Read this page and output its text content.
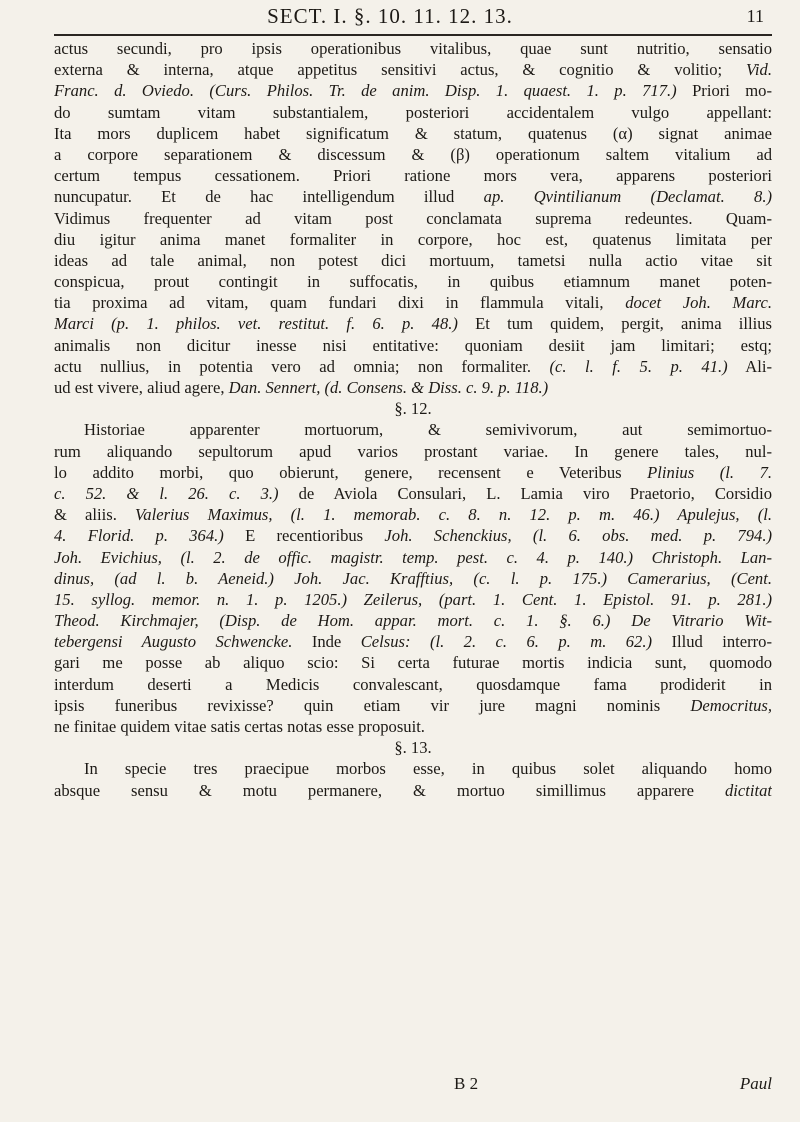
SECT. I. §. 10. 11. 12. 13.	11
actus secundi, pro ipsis operationibus vitalibus, quae sunt nutritio, sensatio
externa & interna, atque appetitus sensitivi actus, & cognitio & volitio; Vid.
Franc. d. Oviedo. (Curs. Philos. Tr. de anim. Disp. 1. quaest. 1. p. 717.) Priori mo-
do sumtam vitam substantialem, posteriori accidentalem vulgo appellant:
Ita mors duplicem habet significatum & statum, quatenus (α) signat animae
a corpore separationem & discessum & (β) operationum saltem vitalium ad
certum tempus cessationem. Priori ratione mors vera, apparens posteriori
nuncupatur. Et de hac intelligendum illud ap. Qvintilianum (Declamat. 8.)
Vidimus frequenter ad vitam post conclamata suprema redeuntes. Quam-
diu igitur anima manet formaliter in corpore, hoc est, quatenus limitata per
ideas ad tale animal, non potest dici mortuum, tametsi nulla actio vitae sit
conspicua, prout contingit in suffocatis, in quibus etiamnum manet poten-
tia proxima ad vitam, quam fundari dixi in flammula vitali, docet Joh. Marc.
Marci (p. 1. philos. vet. restitut. f. 6. p. 48.) Et tum quidem, pergit, anima illius
animalis non dicitur inesse nisi entitative: quoniam desiit jam limitari; estq;
actu nullius, in potentia vero ad omnia; non formaliter. (c. l. f. 5. p. 41.) Ali-
ud est vivere, aliud agere, Dan. Sennert, (d. Consens. & Diss. c. 9. p. 118.)
§. 12.
Historiae apparenter mortuorum, & semivivorum, aut semimortuo-
rum aliquando sepultorum apud varios prostant variae. In genere tales, nul-
lo addito morbi, quo obierunt, genere, recensent e Veteribus Plinius (l. 7.
c. 52. & l. 26. c. 3.) de Aviola Consulari, L. Lamia viro Praetorio, Corsidio
& aliis. Valerius Maximus, (l. 1. memorab. c. 8. n. 12. p. m. 46.) Apulejus, (l.
4. Florid. p. 364.) E recentioribus Joh. Schenckius, (l. 6. obs. med. p. 794.)
Joh. Evichius, (l. 2. de offic. magistr. temp. pest. c. 4. p. 140.) Christoph. Lan-
dinus, (ad l. b. Aeneid.) Joh. Jac. Krafftius, (c. l. p. 175.) Camerarius, (Cent.
15. syllog. memor. n. 1. p. 1205.) Zeilerus, (part. 1. Cent. 1. Epistol. 91. p. 281.)
Theod. Kirchmajer, (Disp. de Hom. appar. mort. c. 1. §. 6.) De Vitrario Wit-
tebergensi Augusto Schwencke. Inde Celsus: (l. 2. c. 6. p. m. 62.) Illud interro-
gari me posse ab aliquo scio: Si certa futurae mortis indicia sunt, quomodo
interdum deserti a Medicis convalescant, quosdamque fama prodiderit in
ipsis funeribus revixisse? quin etiam vir jure magni nominis Democritus,
ne finitae quidem vitae satis certas notas esse proposuit.
§. 13.
In specie tres praecipue morbos esse, in quibus solet aliquando homo
absque sensu & motu permanere, & mortuo simillimus apparere dictitat
B 2	Paul
